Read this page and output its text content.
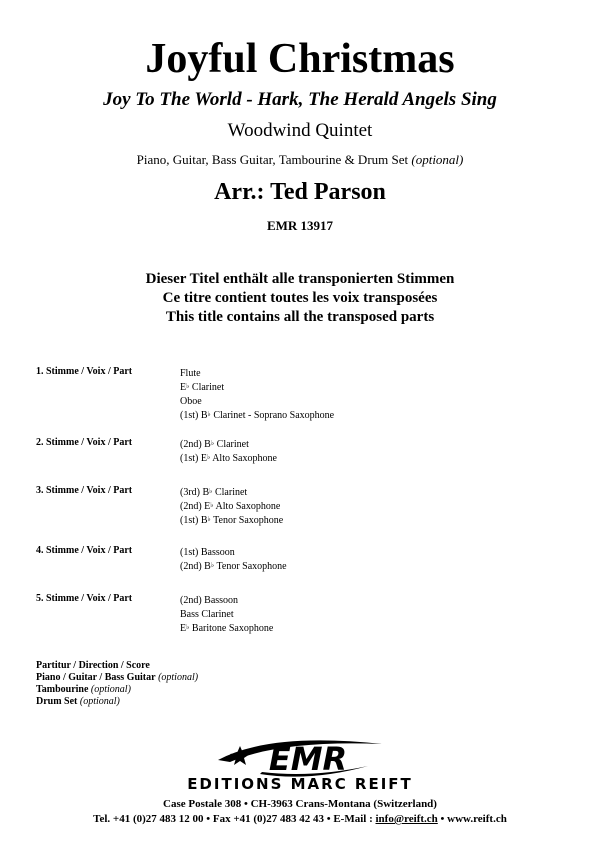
Joyful Christmas
Joy To The World - Hark, The Herald Angels Sing
Woodwind Quintet
Piano, Guitar, Bass Guitar, Tambourine & Drum Set (optional)
Arr.: Ted Parson
EMR 13917
Dieser Titel enthält alle transponierten Stimmen
Ce titre contient toutes les voix transposées
This title contains all the transposed parts
1. Stimme / Voix / Part	Flute
E♭ Clarinet
Oboe
(1st) B♭ Clarinet - Soprano Saxophone
2. Stimme / Voix / Part	(2nd) B♭ Clarinet
(1st) E♭ Alto Saxophone
3. Stimme / Voix / Part	(3rd) B♭ Clarinet
(2nd) E♭ Alto Saxophone
(1st) B♭ Tenor Saxophone
4. Stimme / Voix / Part	(1st) Bassoon
(2nd) B♭ Tenor Saxophone
5. Stimme / Voix / Part	(2nd) Bassoon
Bass Clarinet
E♭ Baritone Saxophone
Partitur / Direction / Score
Piano / Guitar / Bass Guitar (optional)
Tambourine (optional)
Drum Set (optional)
EMR
EDITIONS MARC REIFT
Case Postale 308 • CH-3963 Crans-Montana (Switzerland)
Tel. +41 (0)27 483 12 00 • Fax +41 (0)27 483 42 43 • E-Mail : info@reift.ch • www.reift.ch
